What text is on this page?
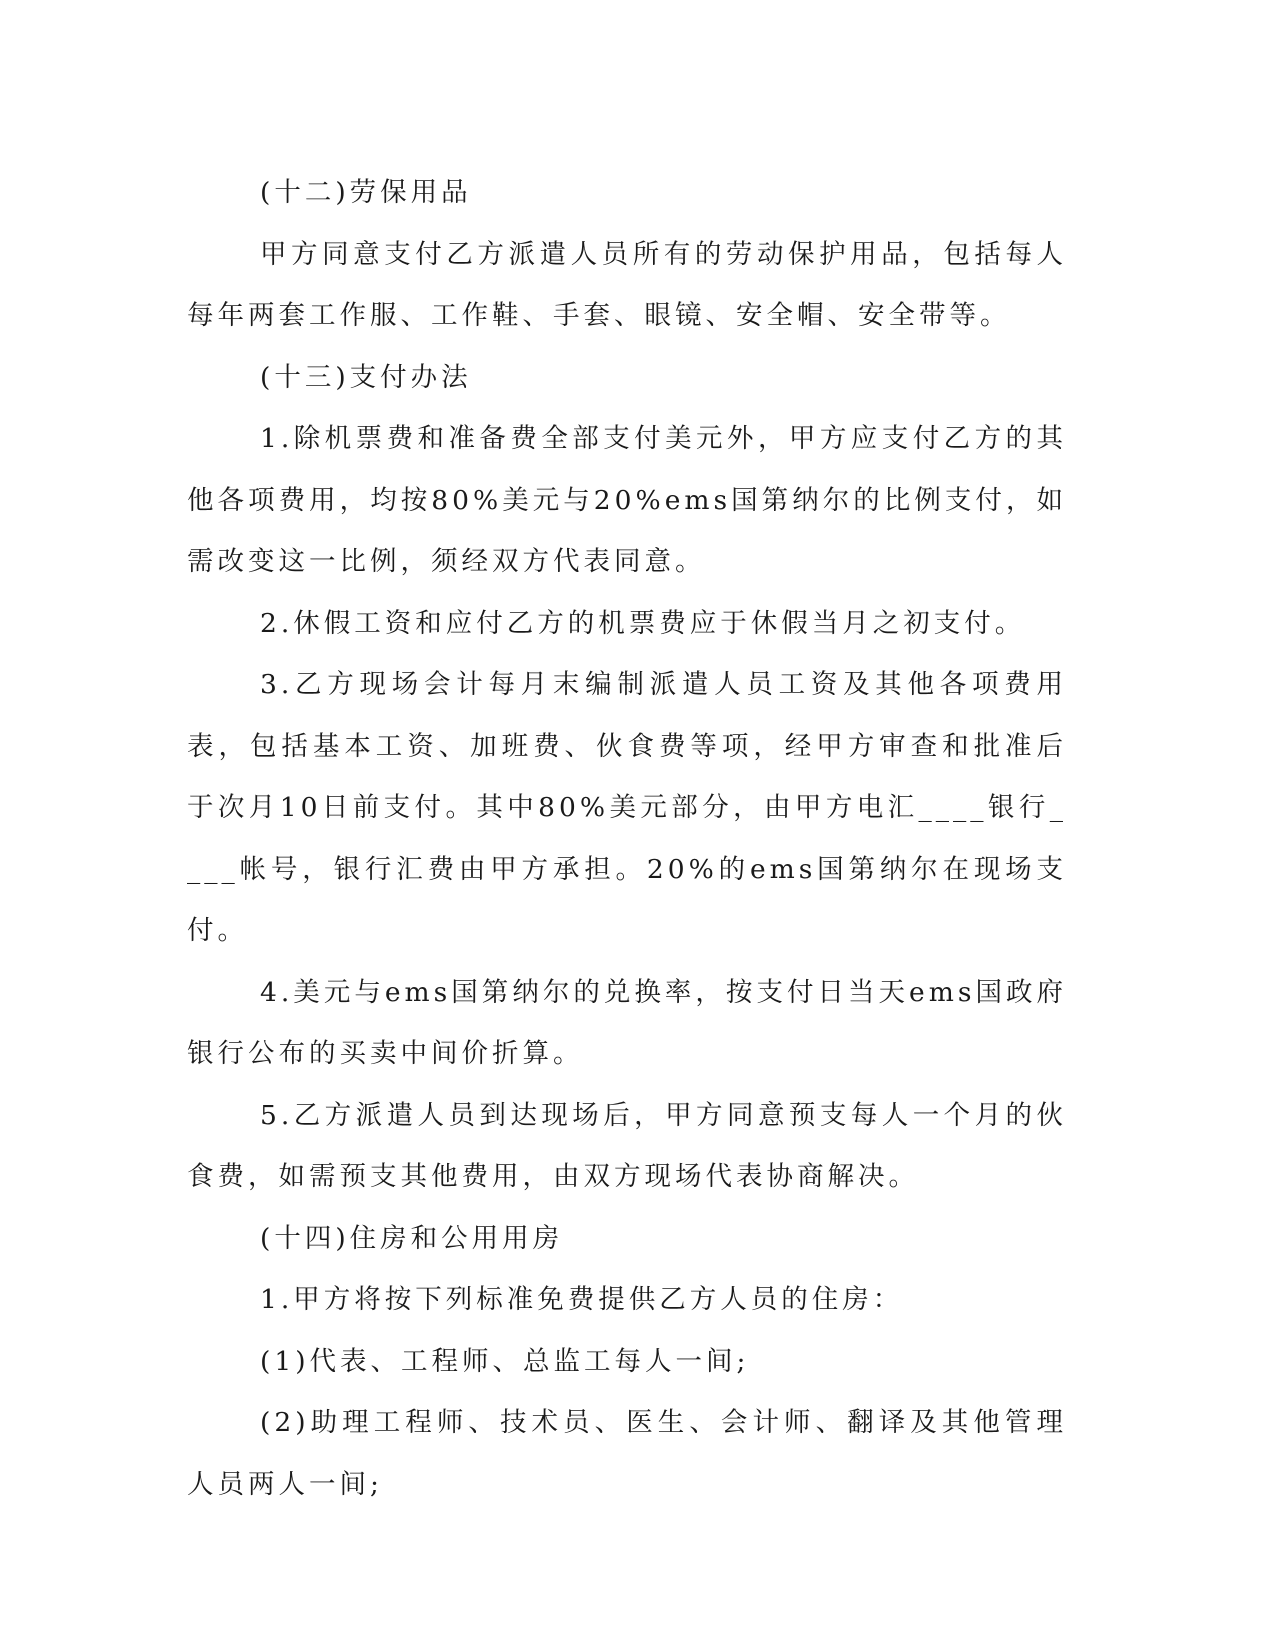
(十二)劳保用品

甲方同意支付乙方派遣人员所有的劳动保护用品，包括每人每年两套工作服、工作鞋、手套、眼镜、安全帽、安全带等。

(十三)支付办法

1.除机票费和准备费全部支付美元外，甲方应支付乙方的其他各项费用，均按80%美元与20%ems国第纳尔的比例支付，如需改变这一比例，须经双方代表同意。

2.休假工资和应付乙方的机票费应于休假当月之初支付。

3.乙方现场会计每月末编制派遣人员工资及其他各项费用表，包括基本工资、加班费、伙食费等项，经甲方审查和批准后于次月10日前支付。其中80%美元部分，由甲方电汇____银行____帐号，银行汇费由甲方承担。20%的ems国第纳尔在现场支付。

4.美元与ems国第纳尔的兑换率，按支付日当天ems国政府银行公布的买卖中间价折算。

5.乙方派遣人员到达现场后，甲方同意预支每人一个月的伙食费，如需预支其他费用，由双方现场代表协商解决。

(十四)住房和公用用房

1.甲方将按下列标准免费提供乙方人员的住房：

(1)代表、工程师、总监工每人一间;

(2)助理工程师、技术员、医生、会计师、翻译及其他管理人员两人一间;
